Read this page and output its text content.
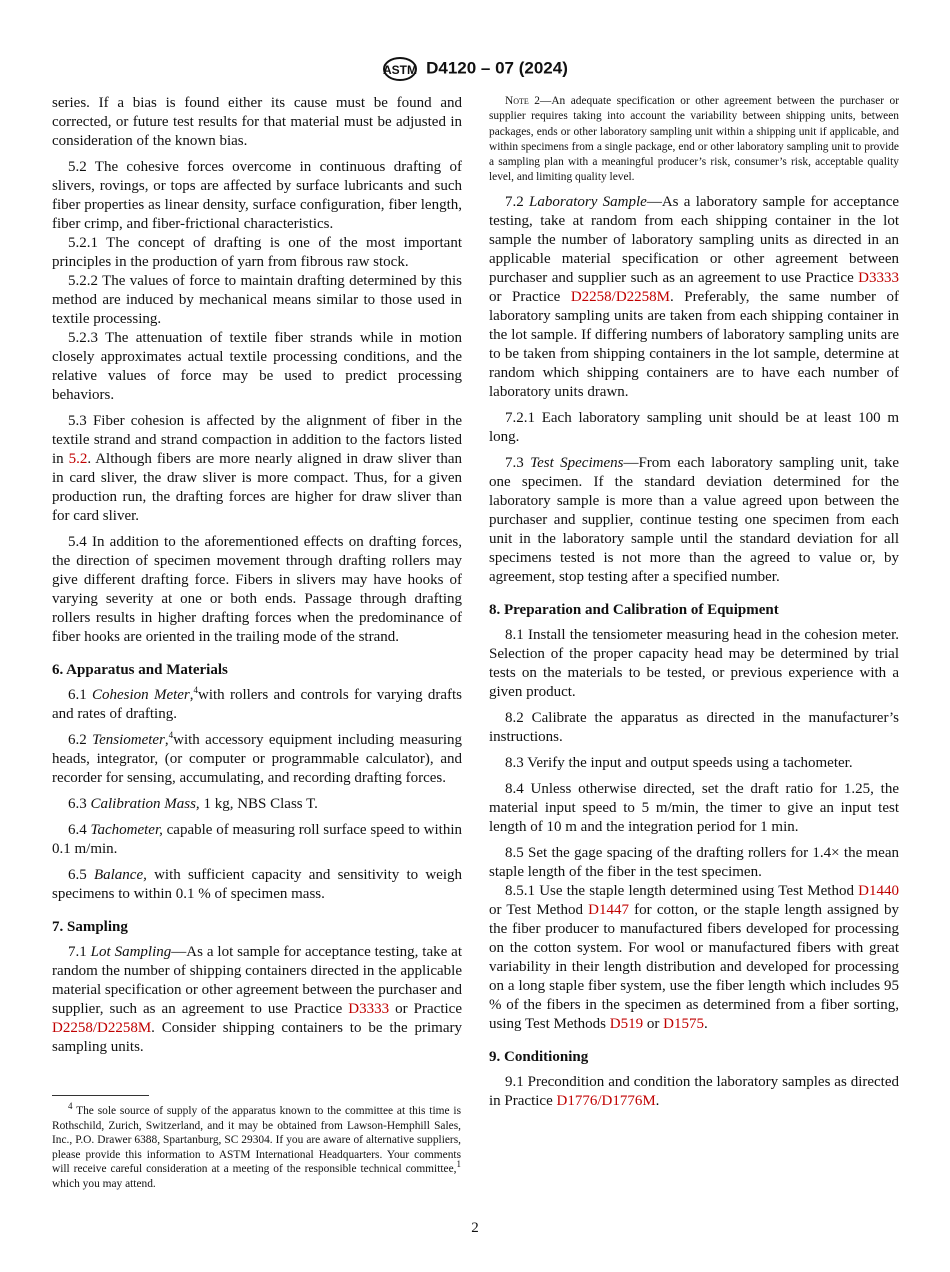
ASTM D4120 – 07 (2024)
series. If a bias is found either its cause must be found and corrected, or future test results for that material must be adjusted in consideration of the known bias.
5.2 The cohesive forces overcome in continuous drafting of slivers, rovings, or tops are affected by surface lubricants and such fiber properties as linear density, surface configuration, fiber length, fiber crimp, and fiber-frictional characteristics.
5.2.1 The concept of drafting is one of the most important principles in the production of yarn from fibrous raw stock.
5.2.2 The values of force to maintain drafting determined by this method are induced by mechanical means similar to those used in textile processing.
5.2.3 The attenuation of textile fiber strands while in motion closely approximates actual textile processing conditions, and the relative values of force may be used to predict processing behaviors.
5.3 Fiber cohesion is affected by the alignment of fiber in the textile strand and strand compaction in addition to the factors listed in 5.2. Although fibers are more nearly aligned in draw sliver than in card sliver, the draw sliver is more compact. Thus, for a given production run, the drafting forces are higher for draw sliver than for card sliver.
5.4 In addition to the aforementioned effects on drafting forces, the direction of specimen movement through drafting rollers may give different drafting force. Fibers in slivers may have hooks of varying severity at one or both ends. Passage through drafting rollers results in higher drafting forces when the predominance of fiber hooks are oriented in the trailing mode of the strand.
6. Apparatus and Materials
6.1 Cohesion Meter,$^4$with rollers and controls for varying drafts and rates of drafting.
6.2 Tensiometer,$^4$with accessory equipment including measuring heads, integrator, (or computer or programmable calculator), and recorder for sensing, accumulating, and recording drafting forces.
6.3 Calibration Mass, 1 kg, NBS Class T.
6.4 Tachometer, capable of measuring roll surface speed to within 0.1 m/min.
6.5 Balance, with sufficient capacity and sensitivity to weigh specimens to within 0.1 % of specimen mass.
7. Sampling
7.1 Lot Sampling—As a lot sample for acceptance testing, take at random the number of shipping containers directed in the applicable material specification or other agreement between the purchaser and supplier, such as an agreement to use Practice D3333 or Practice D2258/D2258M. Consider shipping containers to be the primary sampling units.
Note 2—An adequate specification or other agreement between the purchaser or supplier requires taking into account the variability between shipping units, between packages, ends or other laboratory sampling unit within a shipping unit if applicable, and within specimens from a single package, end or other laboratory sampling unit to provide a sampling plan with a meaningful producer’s risk, consumer’s risk, acceptable quality level, and limiting quality level.
7.2 Laboratory Sample—As a laboratory sample for acceptance testing, take at random from each shipping container in the lot sample the number of laboratory sampling units as directed in an applicable material specification or other agreement between purchaser and supplier such as an agreement to use Practice D3333 or Practice D2258/D2258M. Preferably, the same number of laboratory sampling units are taken from each shipping container in the lot sample. If differing numbers of laboratory sampling units are to be taken from shipping containers in the lot sample, determine at random which shipping containers are to have each number of laboratory units drawn.
7.2.1 Each laboratory sampling unit should be at least 100 m long.
7.3 Test Specimens—From each laboratory sampling unit, take one specimen. If the standard deviation determined for the laboratory sample is more than a value agreed upon between the purchaser and supplier, continue testing one specimen from each unit in the laboratory sample until the standard deviation for all specimens tested is not more than the agreed to value or, by agreement, stop testing after a specified number.
8. Preparation and Calibration of Equipment
8.1 Install the tensiometer measuring head in the cohesion meter. Selection of the proper capacity head may be determined by trial tests on the materials to be tested, or previous experience with a given product.
8.2 Calibrate the apparatus as directed in the manufacturer’s instructions.
8.3 Verify the input and output speeds using a tachometer.
8.4 Unless otherwise directed, set the draft ratio for 1.25, the material input speed to 5 m/min, the timer to give an input test length of 10 m and the integration period for 1 min.
8.5 Set the gage spacing of the drafting rollers for 1.4× the mean staple length of the fiber in the test specimen.
8.5.1 Use the staple length determined using Test Method D1440 or Test Method D1447 for cotton, or the staple length assigned by the fiber producer to manufactured fibers developed for processing on the cotton system. For wool or manufactured fibers with great variability in their length distribution and developed for processing on a long staple fiber system, use the fiber length which includes 95 % of the fibers in the specimen as determined from a fiber sorting, using Test Methods D519 or D1575.
9. Conditioning
9.1 Precondition and condition the laboratory samples as directed in Practice D1776/D1776M.
$^4$ The sole source of supply of the apparatus known to the committee at this time is Rothschild, Zurich, Switzerland, and it may be obtained from Lawson-Hemphill Sales, Inc., P.O. Drawer 6388, Spartanburg, SC 29304. If you are aware of alternative suppliers, please provide this information to ASTM International Headquarters. Your comments will receive careful consideration at a meeting of the responsible technical committee,$^1$ which you may attend.
2
